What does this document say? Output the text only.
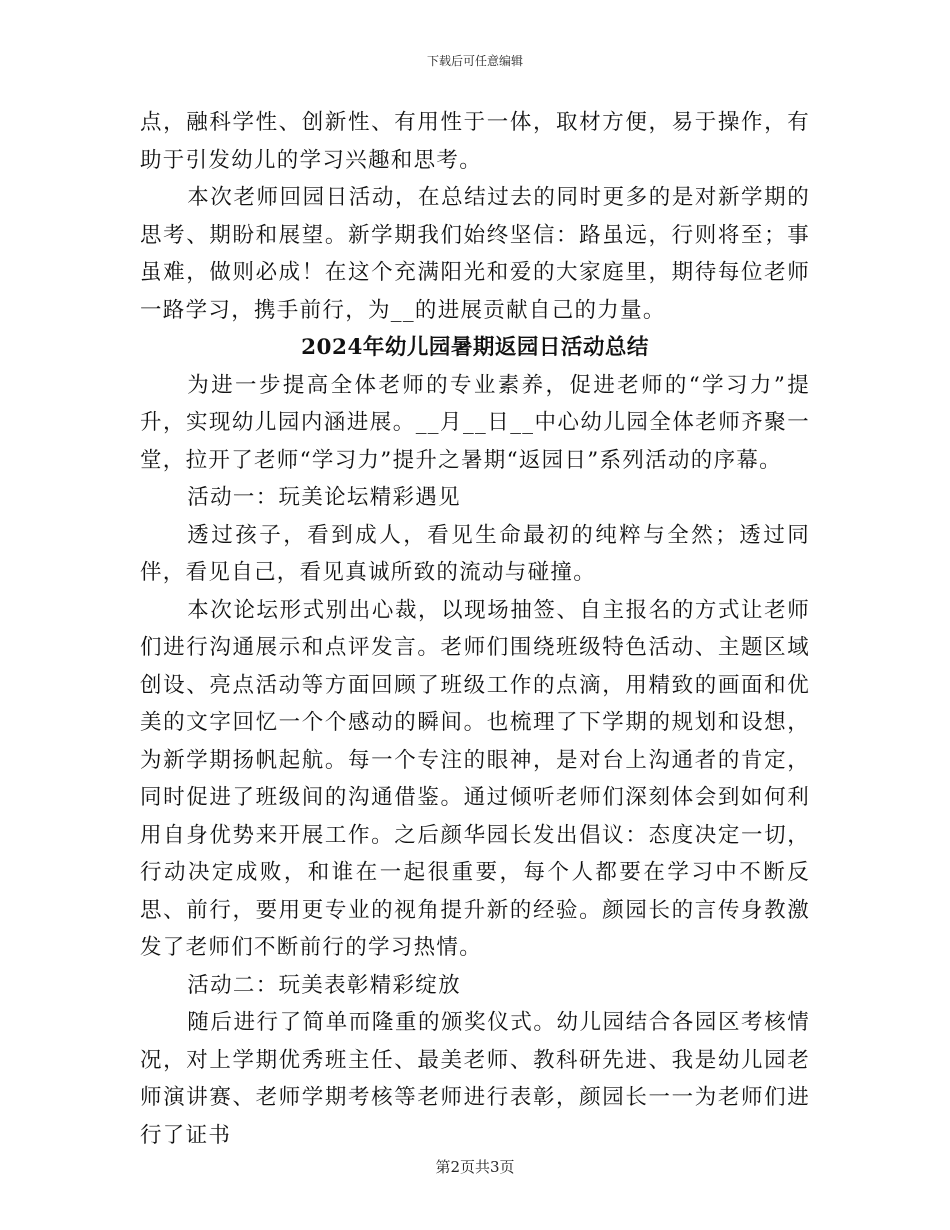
下载后可任意编辑

点，融科学性、创新性、有用性于一体，取材方便，易于操作，有助于引发幼儿的学习兴趣和思考。

本次老师回园日活动，在总结过去的同时更多的是对新学期的思考、期盼和展望。新学期我们始终坚信：路虽远，行则将至；事虽难，做则必成！在这个充满阳光和爱的大家庭里，期待每位老师一路学习，携手前行，为__的进展贡献自己的力量。

2024年幼儿园暑期返园日活动总结

为进一步提高全体老师的专业素养，促进老师的“学习力”提升，实现幼儿园内涵进展。__月__日__中心幼儿园全体老师齐聚一堂，拉开了老师“学习力”提升之暑期“返园日”系列活动的序幕。

活动一：玩美论坛精彩遇见

透过孩子，看到成人，看见生命最初的纯粹与全然；透过同伴，看见自己，看见真诚所致的流动与碰撞。

本次论坛形式别出心裁，以现场抽签、自主报名的方式让老师们进行沟通展示和点评发言。老师们围绕班级特色活动、主题区域创设、亮点活动等方面回顾了班级工作的点滴，用精致的画面和优美的文字回忆一个个感动的瞬间。也梳理了下学期的规划和设想，为新学期扬帆起航。每一个专注的眼神，是对台上沟通者的肯定，同时促进了班级间的沟通借鉴。通过倾听老师们深刻体会到如何利用自身优势来开展工作。之后颜华园长发出倡议：态度决定一切，行动决定成败，和谁在一起很重要，每个人都要在学习中不断反思、前行，要用更专业的视角提升新的经验。颜园长的言传身教激发了老师们不断前行的学习热情。

活动二：玩美表彰精彩绽放

随后进行了简单而隆重的颁奖仪式。幼儿园结合各园区考核情况，对上学期优秀班主任、最美老师、教科研先进、我是幼儿园老师演讲赛、老师学期考核等老师进行表彰，颜园长一一为老师们进行了证书

第2页共3页
